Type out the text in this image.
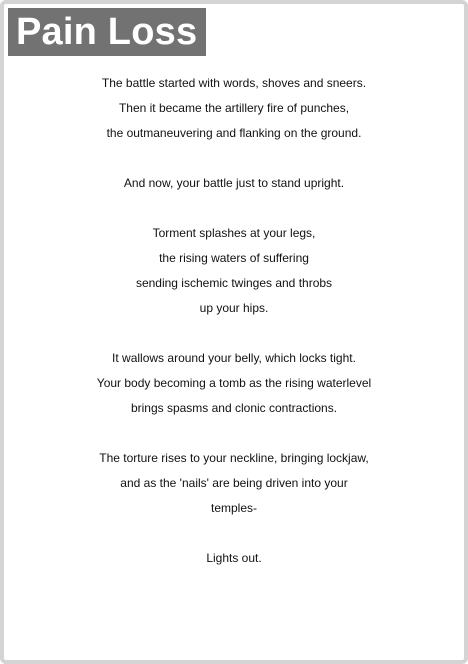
Pain Loss
The battle started with words, shoves and sneers.
Then it became the artillery fire of punches,
the outmaneuvering and flanking on the ground.
And now, your battle just to stand upright.
Torment splashes at your legs,
the rising waters of suffering
sending ischemic twinges and throbs
up your hips.
It wallows around your belly, which locks tight.
Your body becoming a tomb as the rising waterlevel
brings spasms and clonic contractions.
The torture rises to your neckline, bringing lockjaw,
and as the 'nails' are being driven into your
temples-
Lights out.
